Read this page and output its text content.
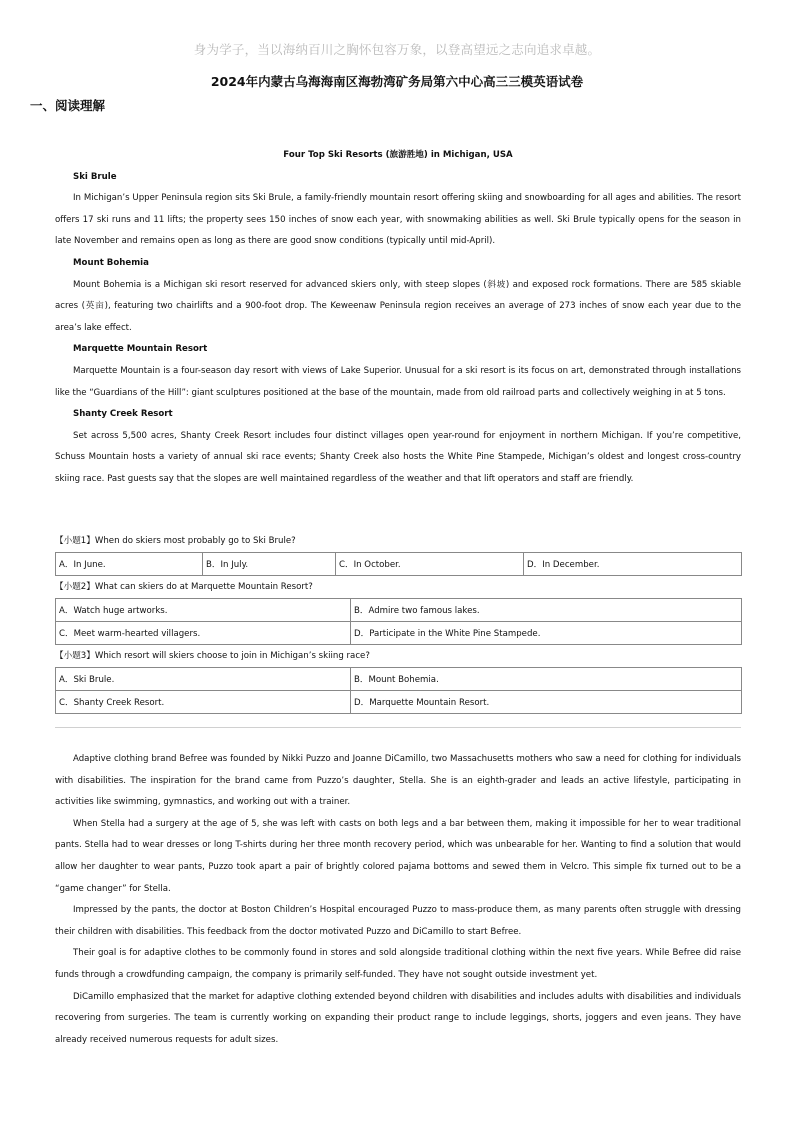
身为学子，当以海纳百川之胸怀包容万象，以登高望远之志向追求卓越。
2024年内蒙古乌海海南区海勃湾矿务局第六中心高三三模英语试卷
一、阅读理解

Four Top Ski Resorts (旅游胜地) in Michigan, USA

Ski Brule

In Michigan’s Upper Peninsula region sits Ski Brule, a family-friendly mountain resort offering skiing and snowboarding for all ages and abilities. The resort offers 17 ski runs and 11 lifts; the property sees 150 inches of snow each year, with snowmaking abilities as well. Ski Brule typically opens for the season in late November and remains open as long as there are good snow conditions (typically until mid-April).

Mount Bohemia

Mount Bohemia is a Michigan ski resort reserved for advanced skiers only, with steep slopes (斜坡) and exposed rock formations. There are 585 skiable acres (英亩), featuring two chairlifts and a 900-foot drop. The Keweenaw Peninsula region receives an average of 273 inches of snow each year due to the area’s lake effect.

Marquette Mountain Resort

Marquette Mountain is a four-season day resort with views of Lake Superior. Unusual for a ski resort is its focus on art, demonstrated through installations like the “Guardians of the Hill”: giant sculptures positioned at the base of the mountain, made from old railroad parts and collectively weighing in at 5 tons.

Shanty Creek Resort

Set across 5,500 acres, Shanty Creek Resort includes four distinct villages open year-round for enjoyment in northern Michigan. If you’re competitive, Schuss Mountain hosts a variety of annual ski race events; Shanty Creek also hosts the White Pine Stampede, Michigan’s oldest and longest cross-country skiing race. Past guests say that the slopes are well maintained regardless of the weather and that lift operators and staff are friendly.

【小题1】When do skiers most probably go to Ski Brule?
A．In June.	B．In July.	C．In October.	D．In December.
【小题2】What can skiers do at Marquette Mountain Resort?
A．Watch huge artworks.	B．Admire two famous lakes.
C．Meet warm-hearted villagers.	D．Participate in the White Pine Stampede.
【小题3】Which resort will skiers choose to join in Michigan’s skiing race?
A．Ski Brule.	B．Mount Bohemia.
C．Shanty Creek Resort.	D．Marquette Mountain Resort.

Adaptive clothing brand Befree was founded by Nikki Puzzo and Joanne DiCamillo, two Massachusetts mothers who saw a need for clothing for individuals with disabilities. The inspiration for the brand came from Puzzo’s daughter, Stella. She is an eighth-grader and leads an active lifestyle, participating in activities like swimming, gymnastics, and working out with a trainer.

When Stella had a surgery at the age of 5, she was left with casts on both legs and a bar between them, making it impossible for her to wear traditional pants. Stella had to wear dresses or long T-shirts during her three month recovery period, which was unbearable for her. Wanting to find a solution that would allow her daughter to wear pants, Puzzo took apart a pair of brightly colored pajama bottoms and sewed them in Velcro. This simple fix turned out to be a “game changer” for Stella.

Impressed by the pants, the doctor at Boston Children’s Hospital encouraged Puzzo to mass-produce them, as many parents often struggle with dressing their children with disabilities. This feedback from the doctor motivated Puzzo and DiCamillo to start Befree.

Their goal is for adaptive clothes to be commonly found in stores and sold alongside traditional clothing within the next five years. While Befree did raise funds through a crowdfunding campaign, the company is primarily self-funded. They have not sought outside investment yet.

DiCamillo emphasized that the market for adaptive clothing extended beyond children with disabilities and includes adults with disabilities and individuals recovering from surgeries. The team is currently working on expanding their product range to include leggings, shorts, joggers and even jeans. They have already received numerous requests for adult sizes.
